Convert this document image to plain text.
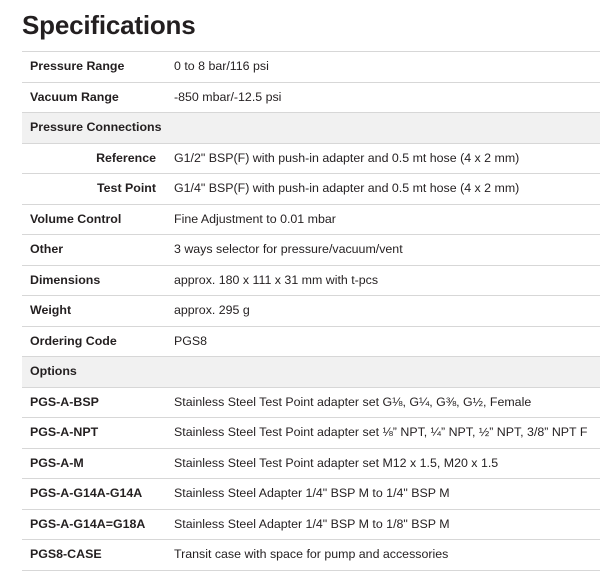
Specifications
Pressure Range	0 to 8 bar/116 psi
Vacuum Range	-850 mbar/-12.5 psi
Pressure Connections	
Reference	G1/2" BSP(F) with push-in adapter and 0.5 mt hose (4 x 2 mm)
Test Point	G1/4" BSP(F) with push-in adapter and 0.5 mt hose (4 x 2 mm)
Volume Control	Fine Adjustment to 0.01 mbar
Other	3 ways selector for pressure/vacuum/vent
Dimensions	approx. 180 x 111 x 31 mm with t-pcs
Weight	approx. 295 g
Ordering Code	PGS8
Options	
PGS-A-BSP	Stainless Steel Test Point adapter set G⅛, G¼, G⅜, G½, Female
PGS-A-NPT	Stainless Steel Test Point adapter set ⅛” NPT, ¼” NPT, ½” NPT, 3/8” NPT F
PGS-A-M	Stainless Steel Test Point adapter set M12 x 1.5, M20 x 1.5
PGS-A-G14A-G14A	Stainless Steel Adapter 1/4" BSP M to 1/4" BSP M
PGS-A-G14A=G18A	Stainless Steel Adapter 1/4" BSP M to 1/8" BSP M
PGS8-CASE	Transit case with space for pump and accessories
